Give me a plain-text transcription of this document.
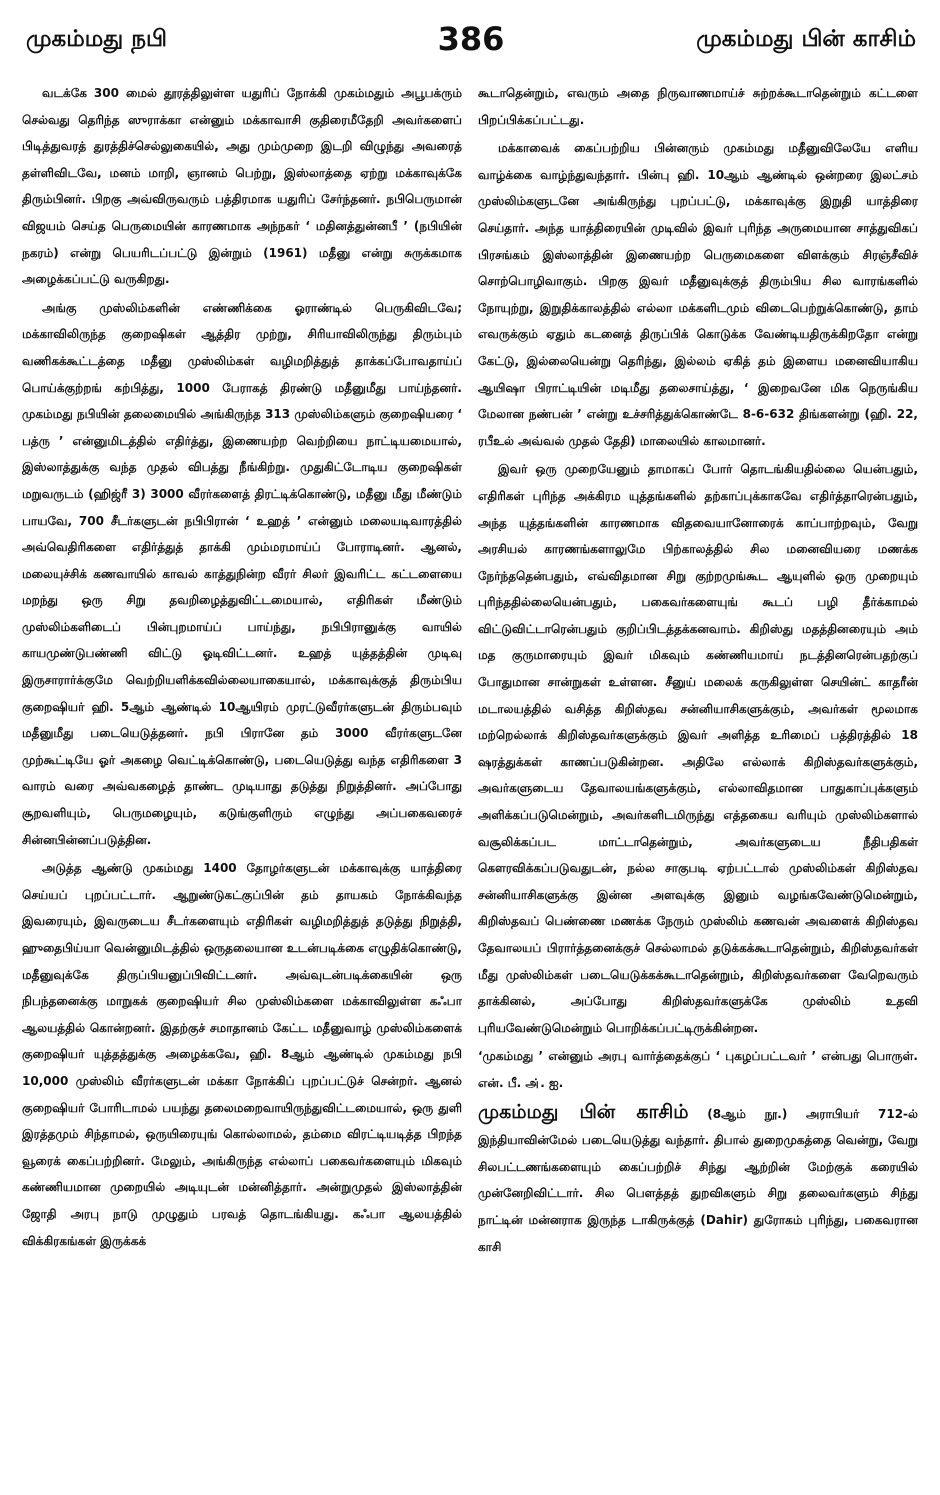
முகம்மது நபி	386	முகம்மது பின் காசிம்

வடக்கே 300 மைல் தூரத்திலுள்ள யதுரிப் நோக்கி முகம்மதும் அபூபக்ரும் செல்வது தெரிந்த ஸுராக்கா என்னும் மக்காவாசி குதிரைமீதேறி அவர்களைப் பிடித்துவரத் துரத்திச்செல்லுகையில், அது மும்முறை இடறி விழுந்து அவரைத் தள்ளிவிடவே, மனம் மாறி, ஞானம் பெற்று, இஸ்லாத்தை ஏற்று மக்காவுக்கே திரும்பினர். பிறகு அவ்விருவரும் பத்திரமாக யதுரிப் சேர்ந்தனர். நபிபெருமான் விஜயம் செய்த பெருமையின் காரணமாக அந்நகர் ‘ மதினத்துன்னபீ ’ (நபியின் நகரம்) என்று பெயரிடப்பட்டு இன்றும் (1961) மதீனு என்று சுருக்கமாக அழைக்கப்பட்டு வருகிறது.

அங்கு முஸ்லிம்களின் எண்ணிக்கை ஓராண்டில் பெருகிவிடவே; மக்காவிலிருந்த குறைஷிகள் ஆத்திர முற்று, சிரியாவிலிருந்து திரும்பும் வணிகக்கூட்டத்தை மதீனு முஸ்லிம்கள் வழிமறித்துத் தாக்கப்போவதாய்ப் பொய்க்குற்றங் கற்பித்து, 1000 பேராகத் திரண்டு மதீனுமீது பாய்ந்தனர். முகம்மது நபியின் தலைமையில் அங்கிருந்த 313 முஸ்லிம்களும் குறைஷியரை ‘ பத்ரு ’ என்னுமிடத்தில் எதிர்த்து, இணையற்ற வெற்றியை நாட்டியமையால், இஸ்லாத்துக்கு வந்த முதல் விபத்து நீங்கிற்று. முதுகிட்டோடிய குறைஷிகள் மறுவருடம் (ஹிஜ்ரீ 3) 3000 வீரர்களைத் திரட்டிக்கொண்டு, மதீனு மீது மீண்டும் பாயவே, 700 சீடர்களுடன் நபிபிரான் ‘ உஹத் ’ என்னும் மலையடிவாரத்தில் அவ்வெதிரிகளை எதிர்த்துத் தாக்கி மும்மரமாய்ப் போராடினர். ஆனல், மலையுச்சிக் கணவாயில் காவல் காத்துநின்ற வீரர் சிலர் இவரிட்ட கட்டளையை மறந்து ஒரு சிறு தவறிழைத்துவிட்டமையால், எதிரிகள் மீண்டும் முஸ்லிம்களிடைப் பின்புறமாய்ப் பாய்ந்து, நபிபிரானுக்கு வாயில் காயமுண்டுபண்ணி விட்டு ஓடிவிட்டனர். உஹத் யுத்தத்தின் முடிவு இருசாரார்க்குமே வெற்றியளிக்கவில்லையாகையால், மக்காவுக்குத் திரும்பிய குறைஷியர் ஹி. 5ஆம் ஆண்டில் 10ஆயிரம் முரட்டுவீரர்களுடன் திரும்பவும் மதீனுமீது படையெடுத்தனர். நபி பிரானே தம் 3000 வீரர்களுடனே முற்கூட்டியே ஓர் அகழை வெட்டிக்கொண்டு, படையெடுத்து வந்த எதிரிகளை 3 வாரம் வரை அவ்வகழைத் தாண்ட முடியாது தடுத்து நிறுத்தினர். அப்போது சூறவளியும், பெருமழையும், கடுங்குளிரும் எழுந்து அப்பகைவரைச் சின்னபின்னப்படுத்தின.

அடுத்த ஆண்டு முகம்மது 1400 தோழர்களுடன் மக்காவுக்கு யாத்திரை செய்யப் புறப்பட்டார். ஆறுண்டுகட்குப்பின் தம் தாயகம் நோக்கிவந்த இவரையும், இவருடைய சீடர்களையும் எதிரிகள் வழிமறித்துத் தடுத்து நிறுத்தி, ஹுதைபிய்யா வென்னுமிடத்தில் ஒருதலையான உடன்படிக்கை எழுதிக்கொண்டு, மதீனுவுக்கே திருப்பியனுப்பிவிட்டனர். அவ்வுடன்படிக்கையின் ஒரு நிபந்தனைக்கு மாறுகக் குறைஷியர் சில முஸ்லிம்களை மக்காவிலுள்ள கஃபா ஆலயத்தில் கொன்றனர். இதற்குச் சமாதானம் கேட்ட மதீனுவாழ் முஸ்லிம்களைக் குறைஷியர் யுத்தத்துக்கு அழைக்கவே, ஹி. 8ஆம் ஆண்டில் முகம்மது நபி 10,000 முஸ்லிம் வீரர்களுடன் மக்கா நோக்கிப் புறப்பட்டுச் சென்றர். ஆனல் குறைஷியர் போரிடாமல் பயந்து தலைமறைவாயிருந்துவிட்டமையால், ஒரு துளி இரத்தமும் சிந்தாமல், ஒருயிரையுங் கொல்லாமல், தம்மை விரட்டியடித்த பிறந்த வூரைக் கைப்பற்றினர். மேலும், அங்கிருந்த எல்லாப் பகைவர்களையும் மிகவும் கண்ணியமான முறையில் அடியுடன் மன்னித்தார். அன்றுமுதல் இஸ்லாத்தின் ஜோதி அரபு நாடு முழுதும் பரவத் தொடங்கியது. கஃபா ஆலயத்தில் விக்கிரகங்கள் இருக்கக்

கூடாதென்றும், எவரும் அதை நிருவாணமாய்ச் சுற்றக்கூடாதென்றும் கட்டளை பிறப்பிக்கப்பட்டது.

மக்காவைக் கைப்பற்றிய பின்னரும் முகம்மது மதீனுவிலேயே எளிய வாழ்க்கை வாழ்ந்துவந்தார். பின்பு ஹி. 10ஆம் ஆண்டில் ஒன்றரை இலட்சம் முஸ்லிம்களுடனே அங்கிருந்து புறப்பட்டு, மக்காவுக்கு இறுதி யாத்திரை செய்தார். அந்த யாத்திரையின் முடிவில் இவர் புரிந்த அருமையான சாத்துவிகப் பிரசங்கம் இஸ்லாத்தின் இணையற்ற பெருமைகளை விளக்கும் சிரஞ்சீவிச் சொற்பொழிவாகும். பிறகு இவர் மதீனுவுக்குத் திரும்பிய சில வாரங்களில் நோயுற்று, இறுதிக்காலத்தில் எல்லா மக்களிடமும் விடைபெற்றுக்கொண்டு, தாம் எவருக்கும் ஏதும் கடனைத் திருப்பிக் கொடுக்க வேண்டியதிருக்கிறதோ என்று கேட்டு, இல்லையென்று தெரிந்து, இல்லம் ஏகித் தம் இளைய மனைவியாகிய ஆயிஷா பிராட்டியின் மடிமீது தலைசாய்த்து, ‘ இறைவனே மிக நெருங்கிய மேலான நண்பன் ’ என்று உச்சரித்துக்கொண்டே 8-6-632 திங்களன்று (ஹி. 22, ரபீஉல் அவ்வல் முதல் தேதி) மாலையில் காலமானர்.

இவர் ஒரு முறையேனும் தாமாகப் போர் தொடங்கியதில்லை யென்பதும், எதிரிகள் புரிந்த அக்கிரம யுத்தங்களில் தற்காப்புக்காகவே எதிர்த்தாரென்பதும், அந்த யுத்தங்களின் காரணமாக விதவையானோரைக் காப்பாற்றவும், வேறு அரசியல் காரணங்களாலுமே பிற்காலத்தில் சில மனைவியரை மணக்க நேர்ந்ததென்பதும், எவ்விதமான சிறு குற்றமுங்கூட ஆயுளில் ஒரு முறையும் புரிந்ததில்லையென்பதும், பகைவர்களையுங் கூடப் பழி தீர்க்காமல் விட்டுவிட்டாரென்பதும் குறிப்பிடத்தக்கனவாம். கிறிஸ்து மதத்தினரையும் அம் மத குருமாரையும் இவர் மிகவும் கண்ணியமாய் நடத்தினரென்பதற்குப் போதுமான சான்றுகள் உள்ளன. சீனுய் மலைக் கருகிலுள்ள செயின்ட் காதரீன் மடாலயத்தில் வசித்த கிறிஸ்தவ சன்னியாசிகளுக்கும், அவர்கள் மூலமாக மற்றெல்லாக் கிறிஸ்தவர்களுக்கும் இவர் அளித்த உரிமைப் பத்திரத்தில் 18 ஷரத்துக்கள் காணப்படுகின்றன. அதிலே எல்லாக் கிறிஸ்தவர்களுக்கும், அவர்களுடைய தேவாலயங்களுக்கும், எல்லாவிதமான பாதுகாப்புக்களும் அளிக்கப்படுமென்றும், அவர்களிடமிருந்து எத்தகைய வரியும் முஸ்லிம்களால் வசூலிக்கப்பட மாட்டாதென்றும், அவர்களுடைய நீதிபதிகள் கௌரவிக்கப்படுவதுடன், நல்ல சாகுபடி ஏற்பட்டால் முஸ்லிம்கள் கிறிஸ்தவ சன்னியாசிகளுக்கு இன்ன அளவுக்கு இனும் வழங்கவேண்டுமென்றும், கிறிஸ்தவப் பெண்ணை மணக்க நேரும் முஸ்லிம் கணவன் அவளைக் கிறிஸ்தவ தேவாலயப் பிரார்த்தனைக்குச் செல்லாமல் தடுக்கக்கூடாதென்றும், கிறிஸ்தவர்கள் மீது முஸ்லிம்கள் படையெடுக்கக்கூடாதென்றும், கிறிஸ்தவர்களை வேறெவரும் தாக்கினல், அப்போது கிறிஸ்தவர்களுக்கே முஸ்லிம் உதவி புரியவேண்டுமென்றும் பொறிக்கப்பட்டிருக்கின்றன.

‘முகம்மது ’ என்னும் அரபு வார்த்தைக்குப் ‘ புகழப்பட்டவர் ’ என்பது பொருள். என். பீ. அ். ஐ.

முகம்மது பின் காசிம் (8ஆம் நூ.) அராபியர் 712-ல் இந்தியாவின்மேல் படையெடுத்து வந்தார். திபால் துறைமுகத்தை வென்று, வேறு சிலபட்டணங்களையும் கைப்பற்றிச் சிந்து ஆற்றின் மேற்குக் கரையில் முன்னேறிவிட்டார். சில பௌத்தத் துறவிகளும் சிறு தலைவர்களும் சிந்து நாட்டின் மன்னராக இருந்த டாகிருக்குத் (Dahir) துரோகம் புரிந்து, பகைவரான காசி
